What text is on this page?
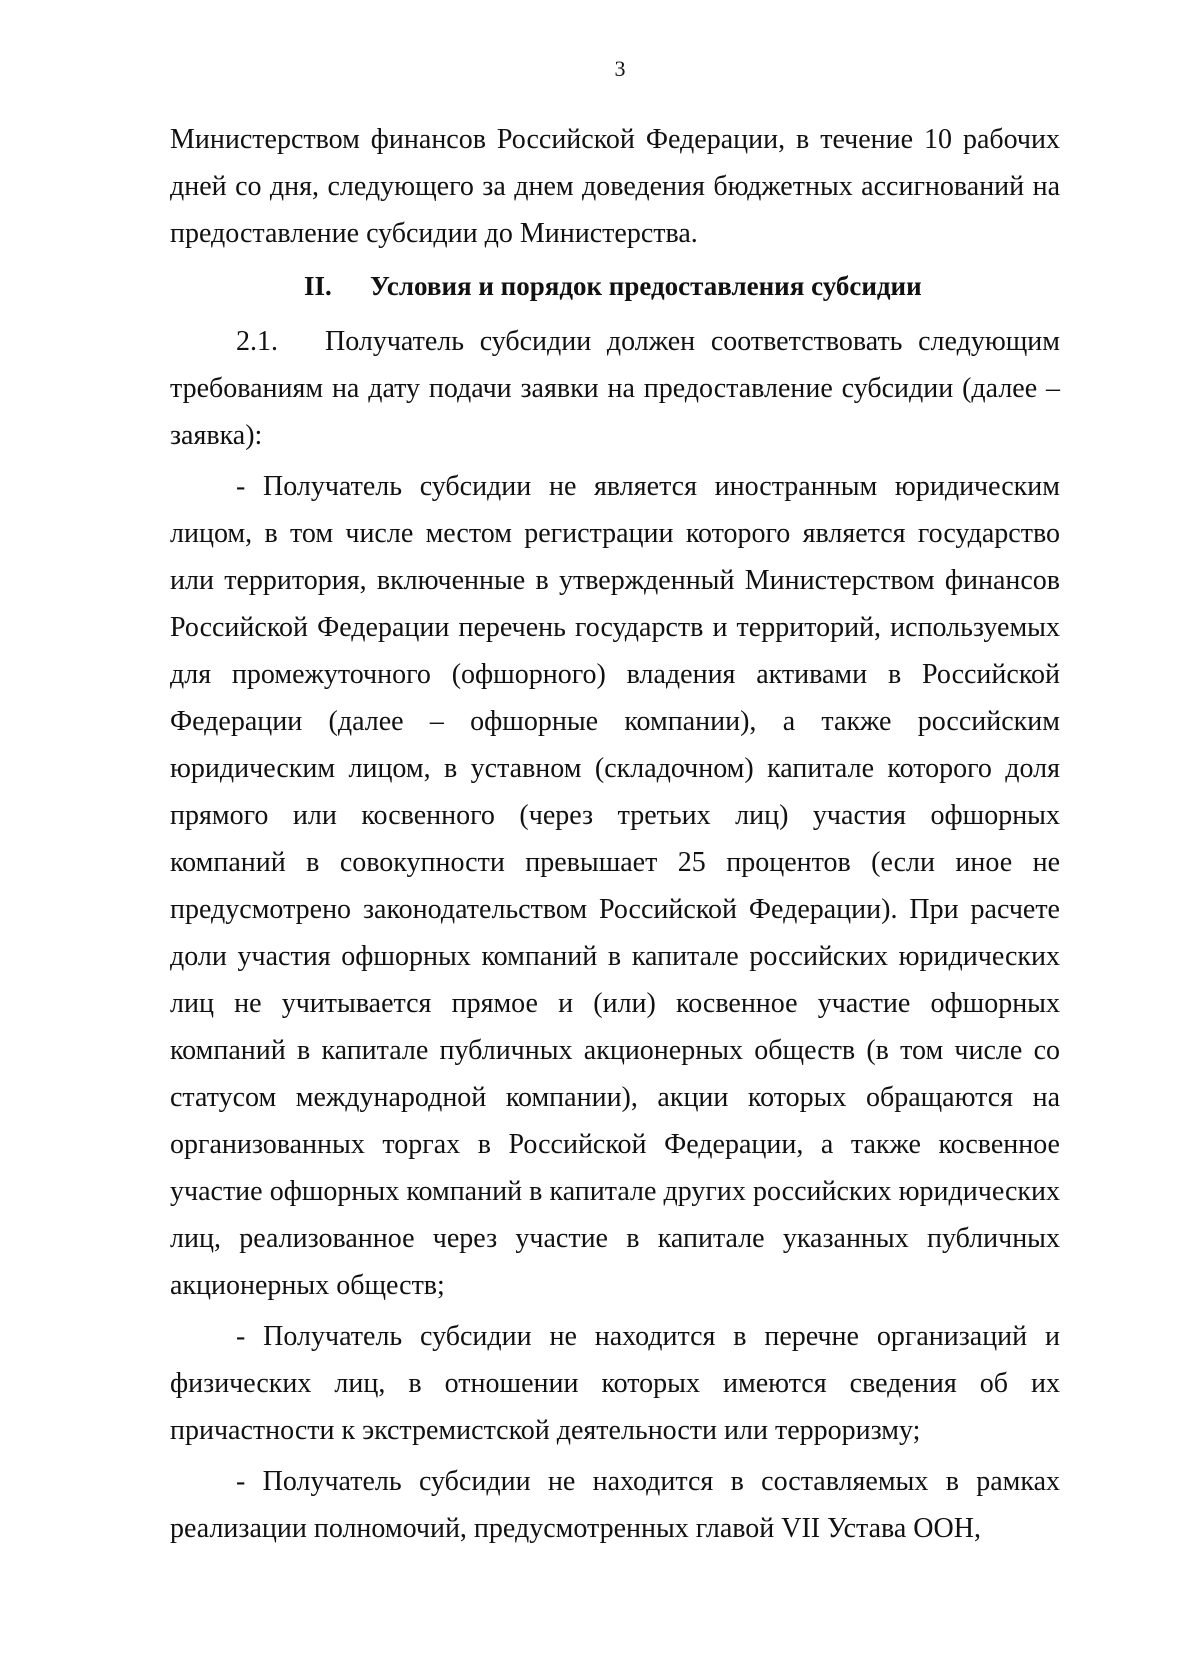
3

Министерством финансов Российской Федерации, в течение 10 рабочих дней со дня, следующего за днем доведения бюджетных ассигнований на предоставление субсидии до Министерства.

II. Условия и порядок предоставления субсидии

2.1. Получатель субсидии должен соответствовать следующим требованиям на дату подачи заявки на предоставление субсидии (далее – заявка):

- Получатель субсидии не является иностранным юридическим лицом, в том числе местом регистрации которого является государство или территория, включенные в утвержденный Министерством финансов Российской Федерации перечень государств и территорий, используемых для промежуточного (офшорного) владения активами в Российской Федерации (далее – офшорные компании), а также российским юридическим лицом, в уставном (складочном) капитале которого доля прямого или косвенного (через третьих лиц) участия офшорных компаний в совокупности превышает 25 процентов (если иное не предусмотрено законодательством Российской Федерации). При расчете доли участия офшорных компаний в капитале российских юридических лиц не учитывается прямое и (или) косвенное участие офшорных компаний в капитале публичных акционерных обществ (в том числе со статусом международной компании), акции которых обращаются на организованных торгах в Российской Федерации, а также косвенное участие офшорных компаний в капитале других российских юридических лиц, реализованное через участие в капитале указанных публичных акционерных обществ;

- Получатель субсидии не находится в перечне организаций и физических лиц, в отношении которых имеются сведения об их причастности к экстремистской деятельности или терроризму;

- Получатель субсидии не находится в составляемых в рамках реализации полномочий, предусмотренных главой VII Устава ООН,
